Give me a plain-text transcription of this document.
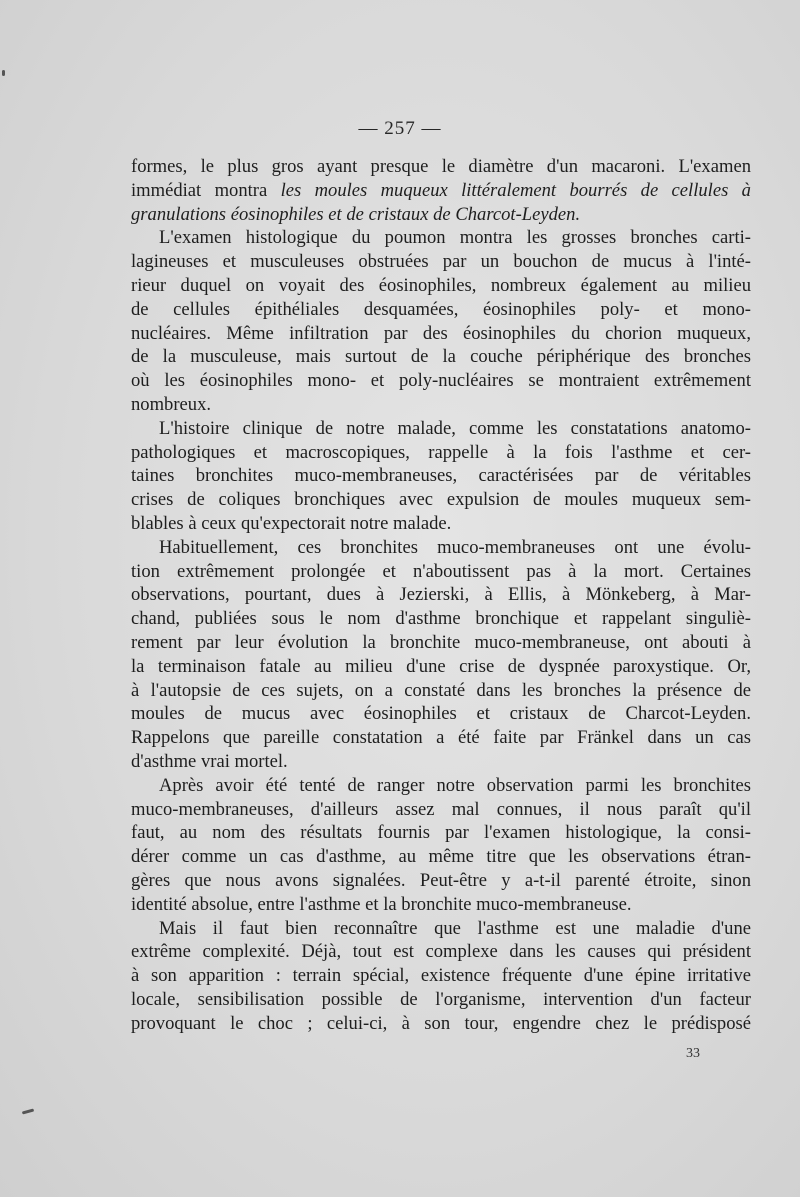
— 257 —
formes, le plus gros ayant presque le diamètre d'un macaroni. L'examen
immédiat montra les moules muqueux littéralement bourrés de cellules à
granulations éosinophiles et de cristaux de Charcot-Leyden.
L'examen histologique du poumon montra les grosses bronches carti-
lagineuses et musculeuses obstruées par un bouchon de mucus à l'inté-
rieur duquel on voyait des éosinophiles, nombreux également au milieu
de cellules épithéliales desquamées, éosinophiles poly- et mono-
nucléaires. Même infiltration par des éosinophiles du chorion muqueux,
de la musculeuse, mais surtout de la couche périphérique des bronches
où les éosinophiles mono- et poly-nucléaires se montraient extrêmement
nombreux.
L'histoire clinique de notre malade, comme les constatations anatomo-
pathologiques et macroscopiques, rappelle à la fois l'asthme et cer-
taines bronchites muco-membraneuses, caractérisées par de véritables
crises de coliques bronchiques avec expulsion de moules muqueux sem-
blables à ceux qu'expectorait notre malade.
Habituellement, ces bronchites muco-membraneuses ont une évolu-
tion extrêmement prolongée et n'aboutissent pas à la mort. Certaines
observations, pourtant, dues à Jezierski, à Ellis, à Mönkeberg, à Mar-
chand, publiées sous le nom d'asthme bronchique et rappelant singuliè-
rement par leur évolution la bronchite muco-membraneuse, ont abouti à
la terminaison fatale au milieu d'une crise de dyspnée paroxystique. Or,
à l'autopsie de ces sujets, on a constaté dans les bronches la présence de
moules de mucus avec éosinophiles et cristaux de Charcot-Leyden.
Rappelons que pareille constatation a été faite par Fränkel dans un cas
d'asthme vrai mortel.
Après avoir été tenté de ranger notre observation parmi les bronchites
muco-membraneuses, d'ailleurs assez mal connues, il nous paraît qu'il
faut, au nom des résultats fournis par l'examen histologique, la consi-
dérer comme un cas d'asthme, au même titre que les observations étran-
gères que nous avons signalées. Peut-être y a-t-il parenté étroite, sinon
identité absolue, entre l'asthme et la bronchite muco-membraneuse.
Mais il faut bien reconnaître que l'asthme est une maladie d'une
extrême complexité. Déjà, tout est complexe dans les causes qui président
à son apparition : terrain spécial, existence fréquente d'une épine irritative
locale, sensibilisation possible de l'organisme, intervention d'un facteur
provoquant le choc ; celui-ci, à son tour, engendre chez le prédisposé
33
